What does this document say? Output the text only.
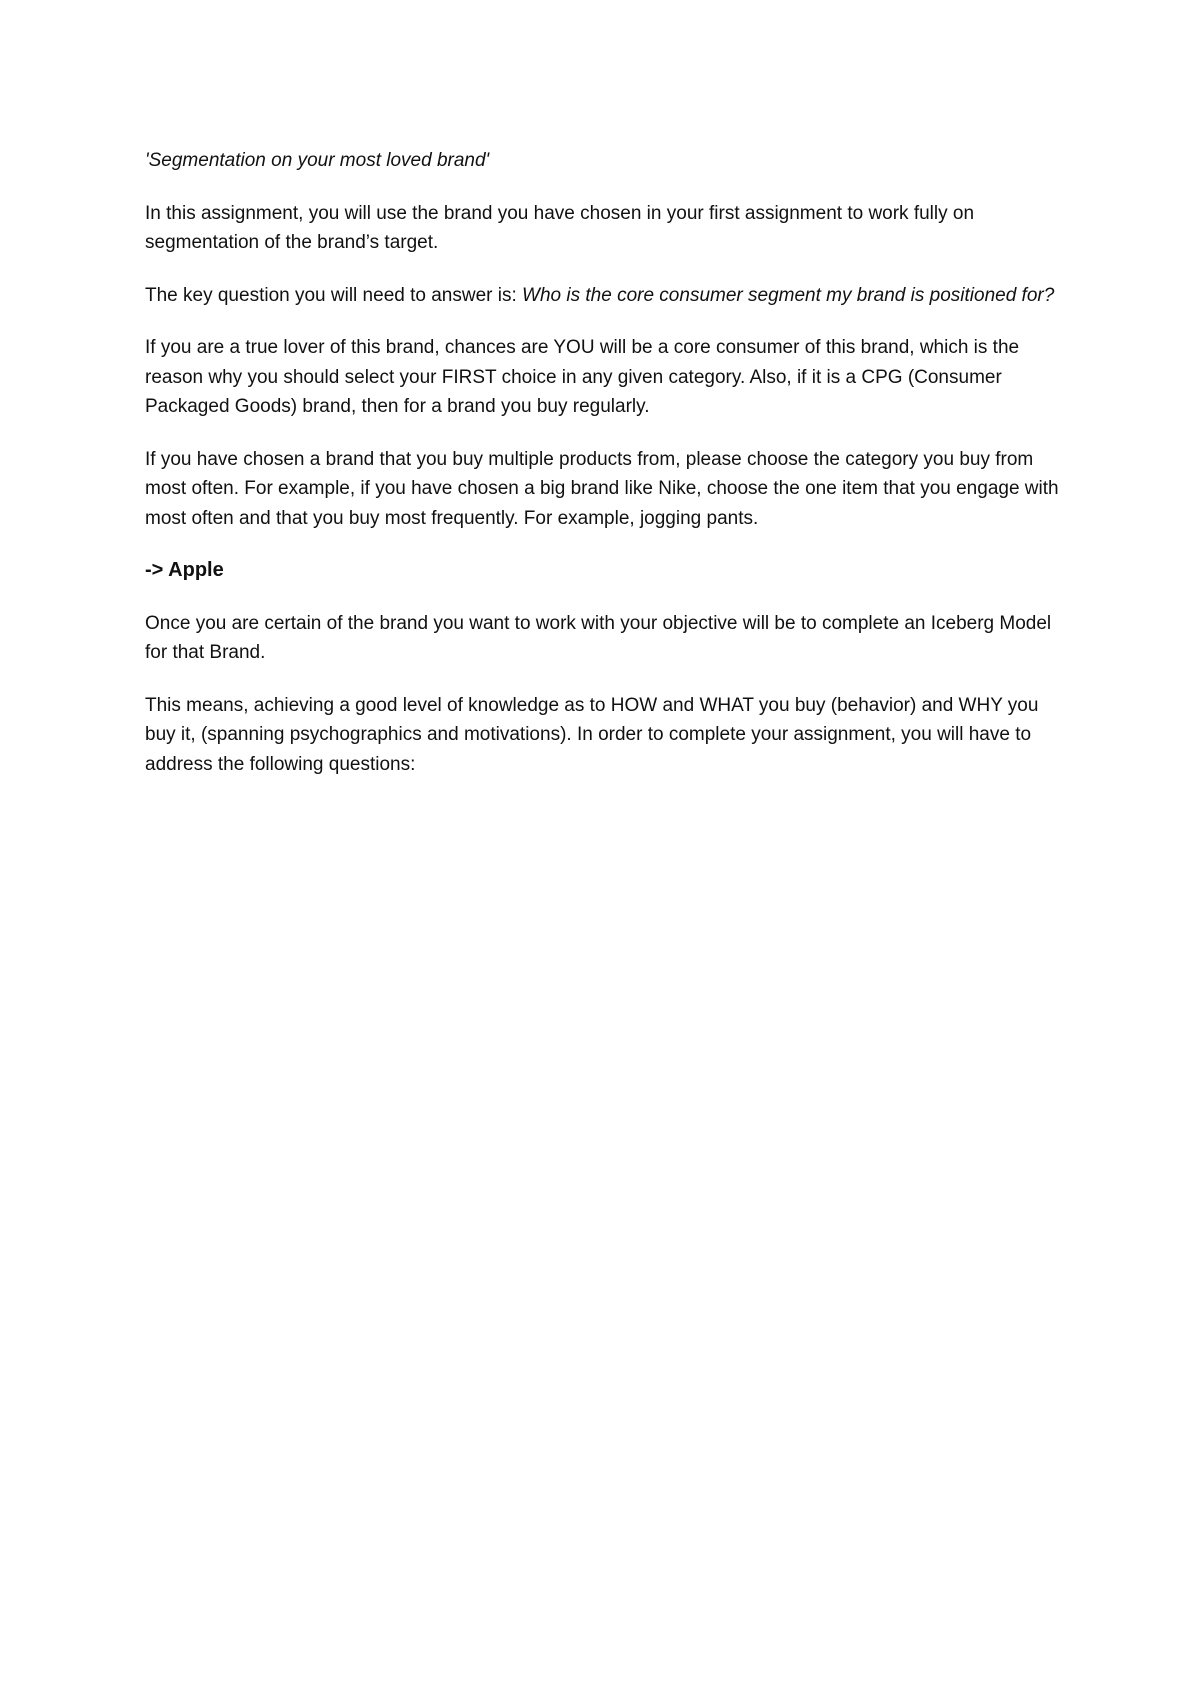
'Segmentation on your most loved brand'

In this assignment, you will use the brand you have chosen in your first assignment to work fully on segmentation of the brand’s target.

The key question you will need to answer is: Who is the core consumer segment my brand is positioned for?

If you are a true lover of this brand, chances are YOU will be a core consumer of this brand, which is the reason why you should select your FIRST choice in any given category. Also, if it is a CPG (Consumer Packaged Goods) brand, then for a brand you buy regularly.

If you have chosen a brand that you buy multiple products from, please choose the category you buy from most often. For example, if you have chosen a big brand like Nike, choose the one item that you engage with most often and that you buy most frequently. For example, jogging pants.

-> Apple

Once you are certain of the brand you want to work with your objective will be to complete an Iceberg Model for that Brand.

This means, achieving a good level of knowledge as to HOW and WHAT you buy (behavior) and WHY you buy it, (spanning psychographics and motivations). In order to complete your assignment, you will have to address the following questions:
